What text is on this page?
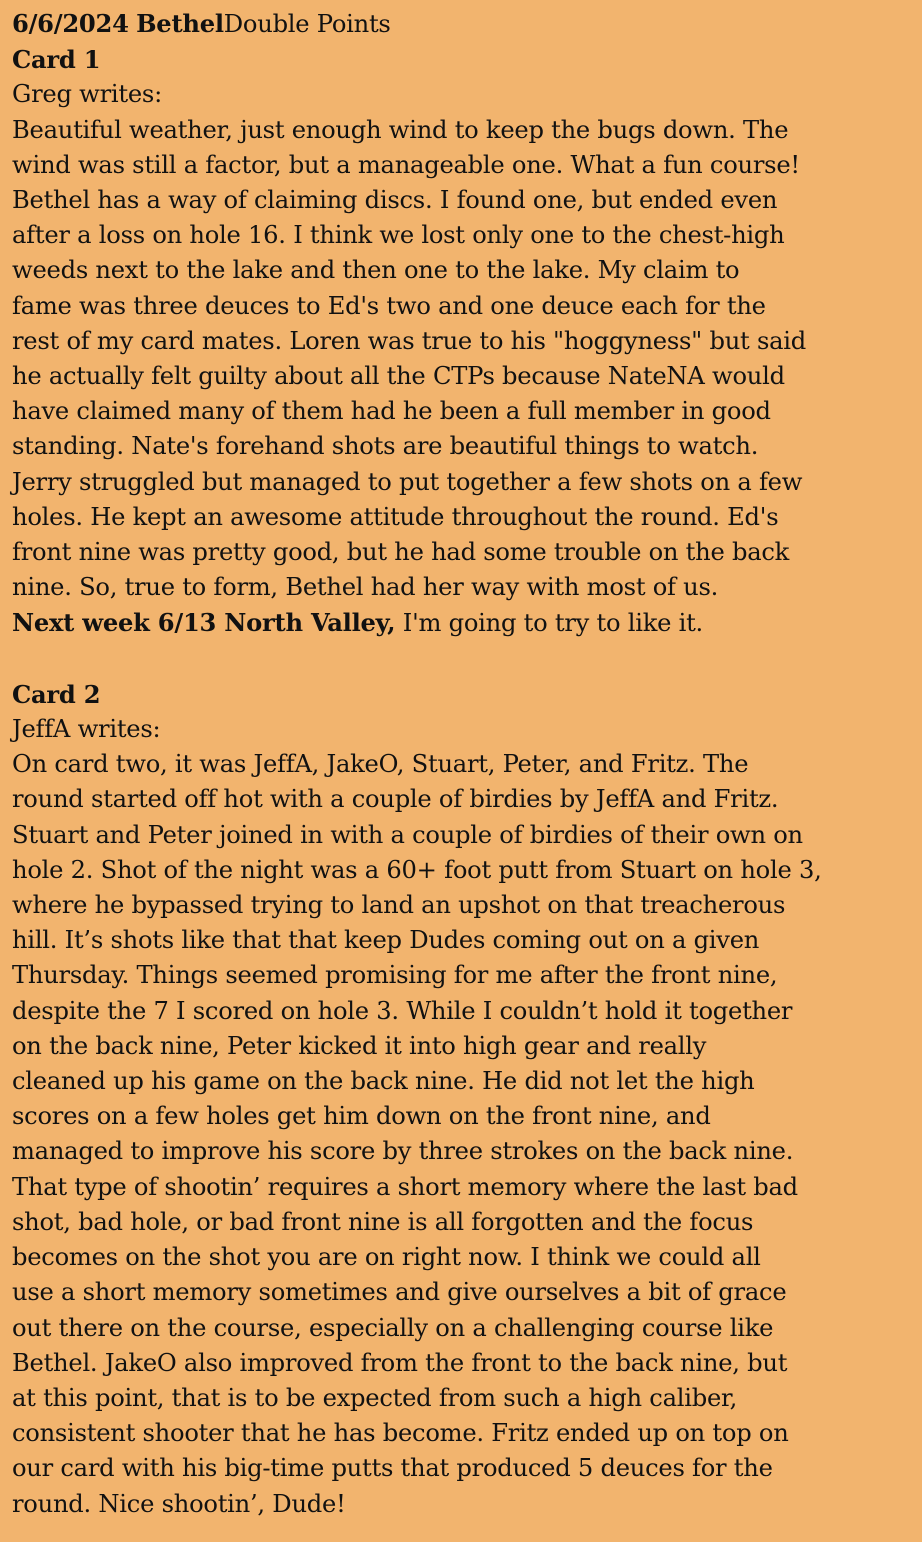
6/6/2024 BethelDouble Points
Card 1
Greg writes:
Beautiful weather, just enough wind to keep the bugs down. The
wind was still a factor, but a manageable one. What a fun course!
Bethel has a way of claiming discs. I found one, but ended even
after a loss on hole 16. I think we lost only one to the chest-high
weeds next to the lake and then one to the lake. My claim to
fame was three deuces to Ed's two and one deuce each for the
rest of my card mates. Loren was true to his "hoggyness" but said
he actually felt guilty about all the CTPs because NateNA would
have claimed many of them had he been a full member in good
standing. Nate's forehand shots are beautiful things to watch.
Jerry struggled but managed to put together a few shots on a few
holes. He kept an awesome attitude throughout the round. Ed's
front nine was pretty good, but he had some trouble on the back
nine. So, true to form, Bethel had her way with most of us.
Next week 6/13 North Valley, I'm going to try to like it.
Card 2
JeffA writes:
On card two, it was JeffA, JakeO, Stuart, Peter, and Fritz. The
round started off hot with a couple of birdies by JeffA and Fritz.
Stuart and Peter joined in with a couple of birdies of their own on
hole 2. Shot of the night was a 60+ foot putt from Stuart on hole 3,
where he bypassed trying to land an upshot on that treacherous
hill. It’s shots like that that keep Dudes coming out on a given
Thursday. Things seemed promising for me after the front nine,
despite the 7 I scored on hole 3. While I couldn’t hold it together
on the back nine, Peter kicked it into high gear and really
cleaned up his game on the back nine. He did not let the high
scores on a few holes get him down on the front nine, and
managed to improve his score by three strokes on the back nine.
That type of shootin’ requires a short memory where the last bad
shot, bad hole, or bad front nine is all forgotten and the focus
becomes on the shot you are on right now. I think we could all
use a short memory sometimes and give ourselves a bit of grace
out there on the course, especially on a challenging course like
Bethel. JakeO also improved from the front to the back nine, but
at this point, that is to be expected from such a high caliber,
consistent shooter that he has become. Fritz ended up on top on
our card with his big-time putts that produced 5 deuces for the
round. Nice shootin’, Dude!
